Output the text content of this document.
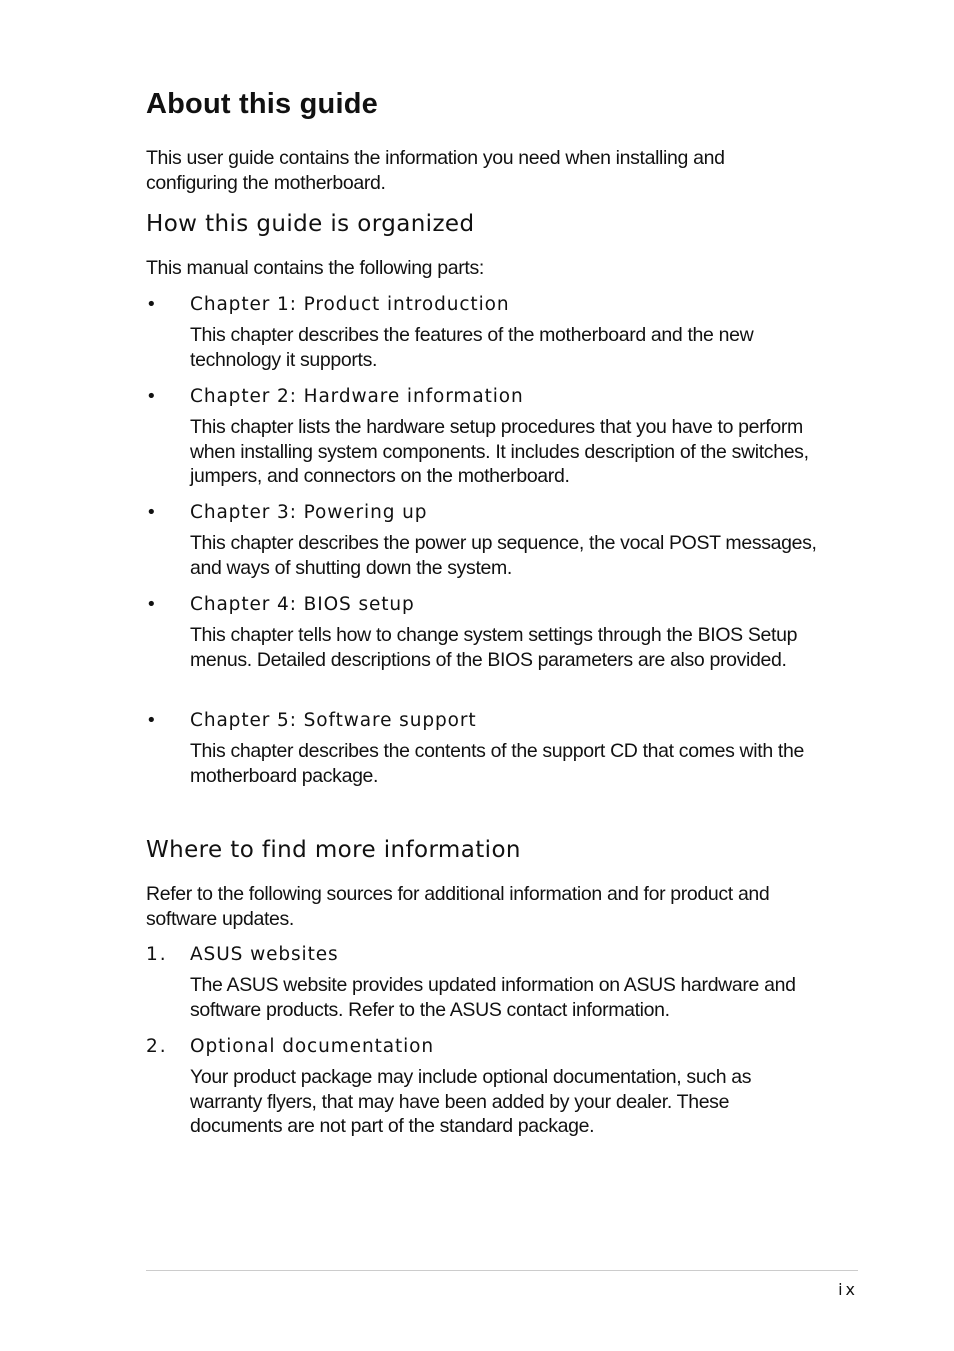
About this guide

This user guide contains the information you need when installing and configuring the motherboard.

How this guide is organized

This manual contains the following parts:

• Chapter 1: Product introduction

This chapter describes the features of the motherboard and the new technology it supports.

• Chapter 2: Hardware information

This chapter lists the hardware setup procedures that you have to perform when installing system components. It includes description of the switches, jumpers, and connectors on the motherboard.

• Chapter 3: Powering up

This chapter describes the power up sequence, the vocal POST messages, and ways of shutting down the system.

• Chapter 4: BIOS setup

This chapter tells how to change system settings through the BIOS Setup menus. Detailed descriptions of the BIOS parameters are also provided.

• Chapter 5: Software support

This chapter describes the contents of the support CD that comes with the motherboard package.

Where to find more information

Refer to the following sources for additional information and for product and software updates.

1. ASUS websites

The ASUS website provides updated information on ASUS hardware and software products. Refer to the ASUS contact information.

2. Optional documentation

Your product package may include optional documentation, such as warranty flyers, that may have been added by your dealer. These documents are not part of the standard package.

ix
